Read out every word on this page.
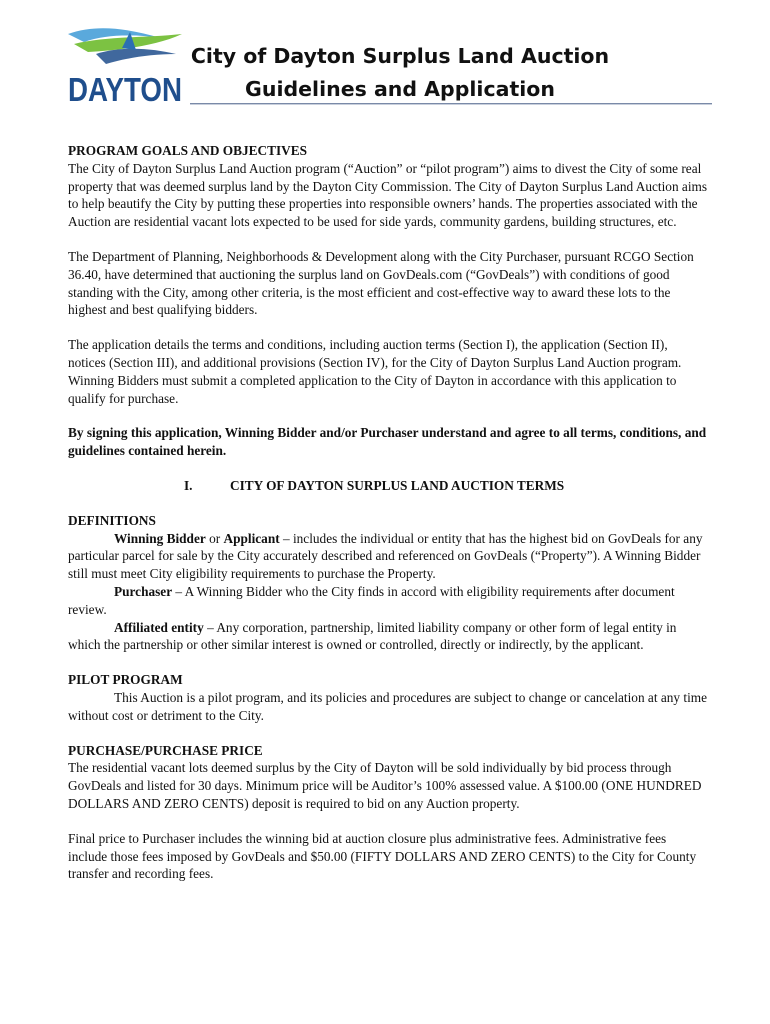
DAYTON
City of Dayton Surplus Land Auction
Guidelines and Application

PROGRAM GOALS AND OBJECTIVES

The City of Dayton Surplus Land Auction program (“Auction” or “pilot program”) aims to divest the City of some real property that was deemed surplus land by the Dayton City Commission. The City of Dayton Surplus Land Auction aims to help beautify the City by putting these properties into responsible owners’ hands. The properties associated with the Auction are residential vacant lots expected to be used for side yards, community gardens, building structures, etc.

The Department of Planning, Neighborhoods & Development along with the City Purchaser, pursuant RCGO Section 36.40, have determined that auctioning the surplus land on GovDeals.com (“GovDeals”) with conditions of good standing with the City, among other criteria, is the most efficient and cost-effective way to award these lots to the highest and best qualifying bidders.

The application details the terms and conditions, including auction terms (Section I), the application (Section II), notices (Section III), and additional provisions (Section IV), for the City of Dayton Surplus Land Auction program. Winning Bidders must submit a completed application to the City of Dayton in accordance with this application to qualify for purchase.

By signing this application, Winning Bidder and/or Purchaser understand and agree to all terms, conditions, and guidelines contained herein.

I.	CITY OF DAYTON SURPLUS LAND AUCTION TERMS

DEFINITIONS

Winning Bidder or Applicant – includes the individual or entity that has the highest bid on GovDeals for any particular parcel for sale by the City accurately described and referenced on GovDeals (“Property”). A Winning Bidder still must meet City eligibility requirements to purchase the Property.

Purchaser – A Winning Bidder who the City finds in accord with eligibility requirements after document review.

Affiliated entity – Any corporation, partnership, limited liability company or other form of legal entity in which the partnership or other similar interest is owned or controlled, directly or indirectly, by the applicant.

PILOT PROGRAM

This Auction is a pilot program, and its policies and procedures are subject to change or cancelation at any time without cost or detriment to the City.

PURCHASE/PURCHASE PRICE

The residential vacant lots deemed surplus by the City of Dayton will be sold individually by bid process through GovDeals and listed for 30 days. Minimum price will be Auditor’s 100% assessed value. A $100.00 (ONE HUNDRED DOLLARS AND ZERO CENTS) deposit is required to bid on any Auction property.

Final price to Purchaser includes the winning bid at auction closure plus administrative fees. Administrative fees include those fees imposed by GovDeals and $50.00 (FIFTY DOLLARS AND ZERO CENTS) to the City for County transfer and recording fees.
